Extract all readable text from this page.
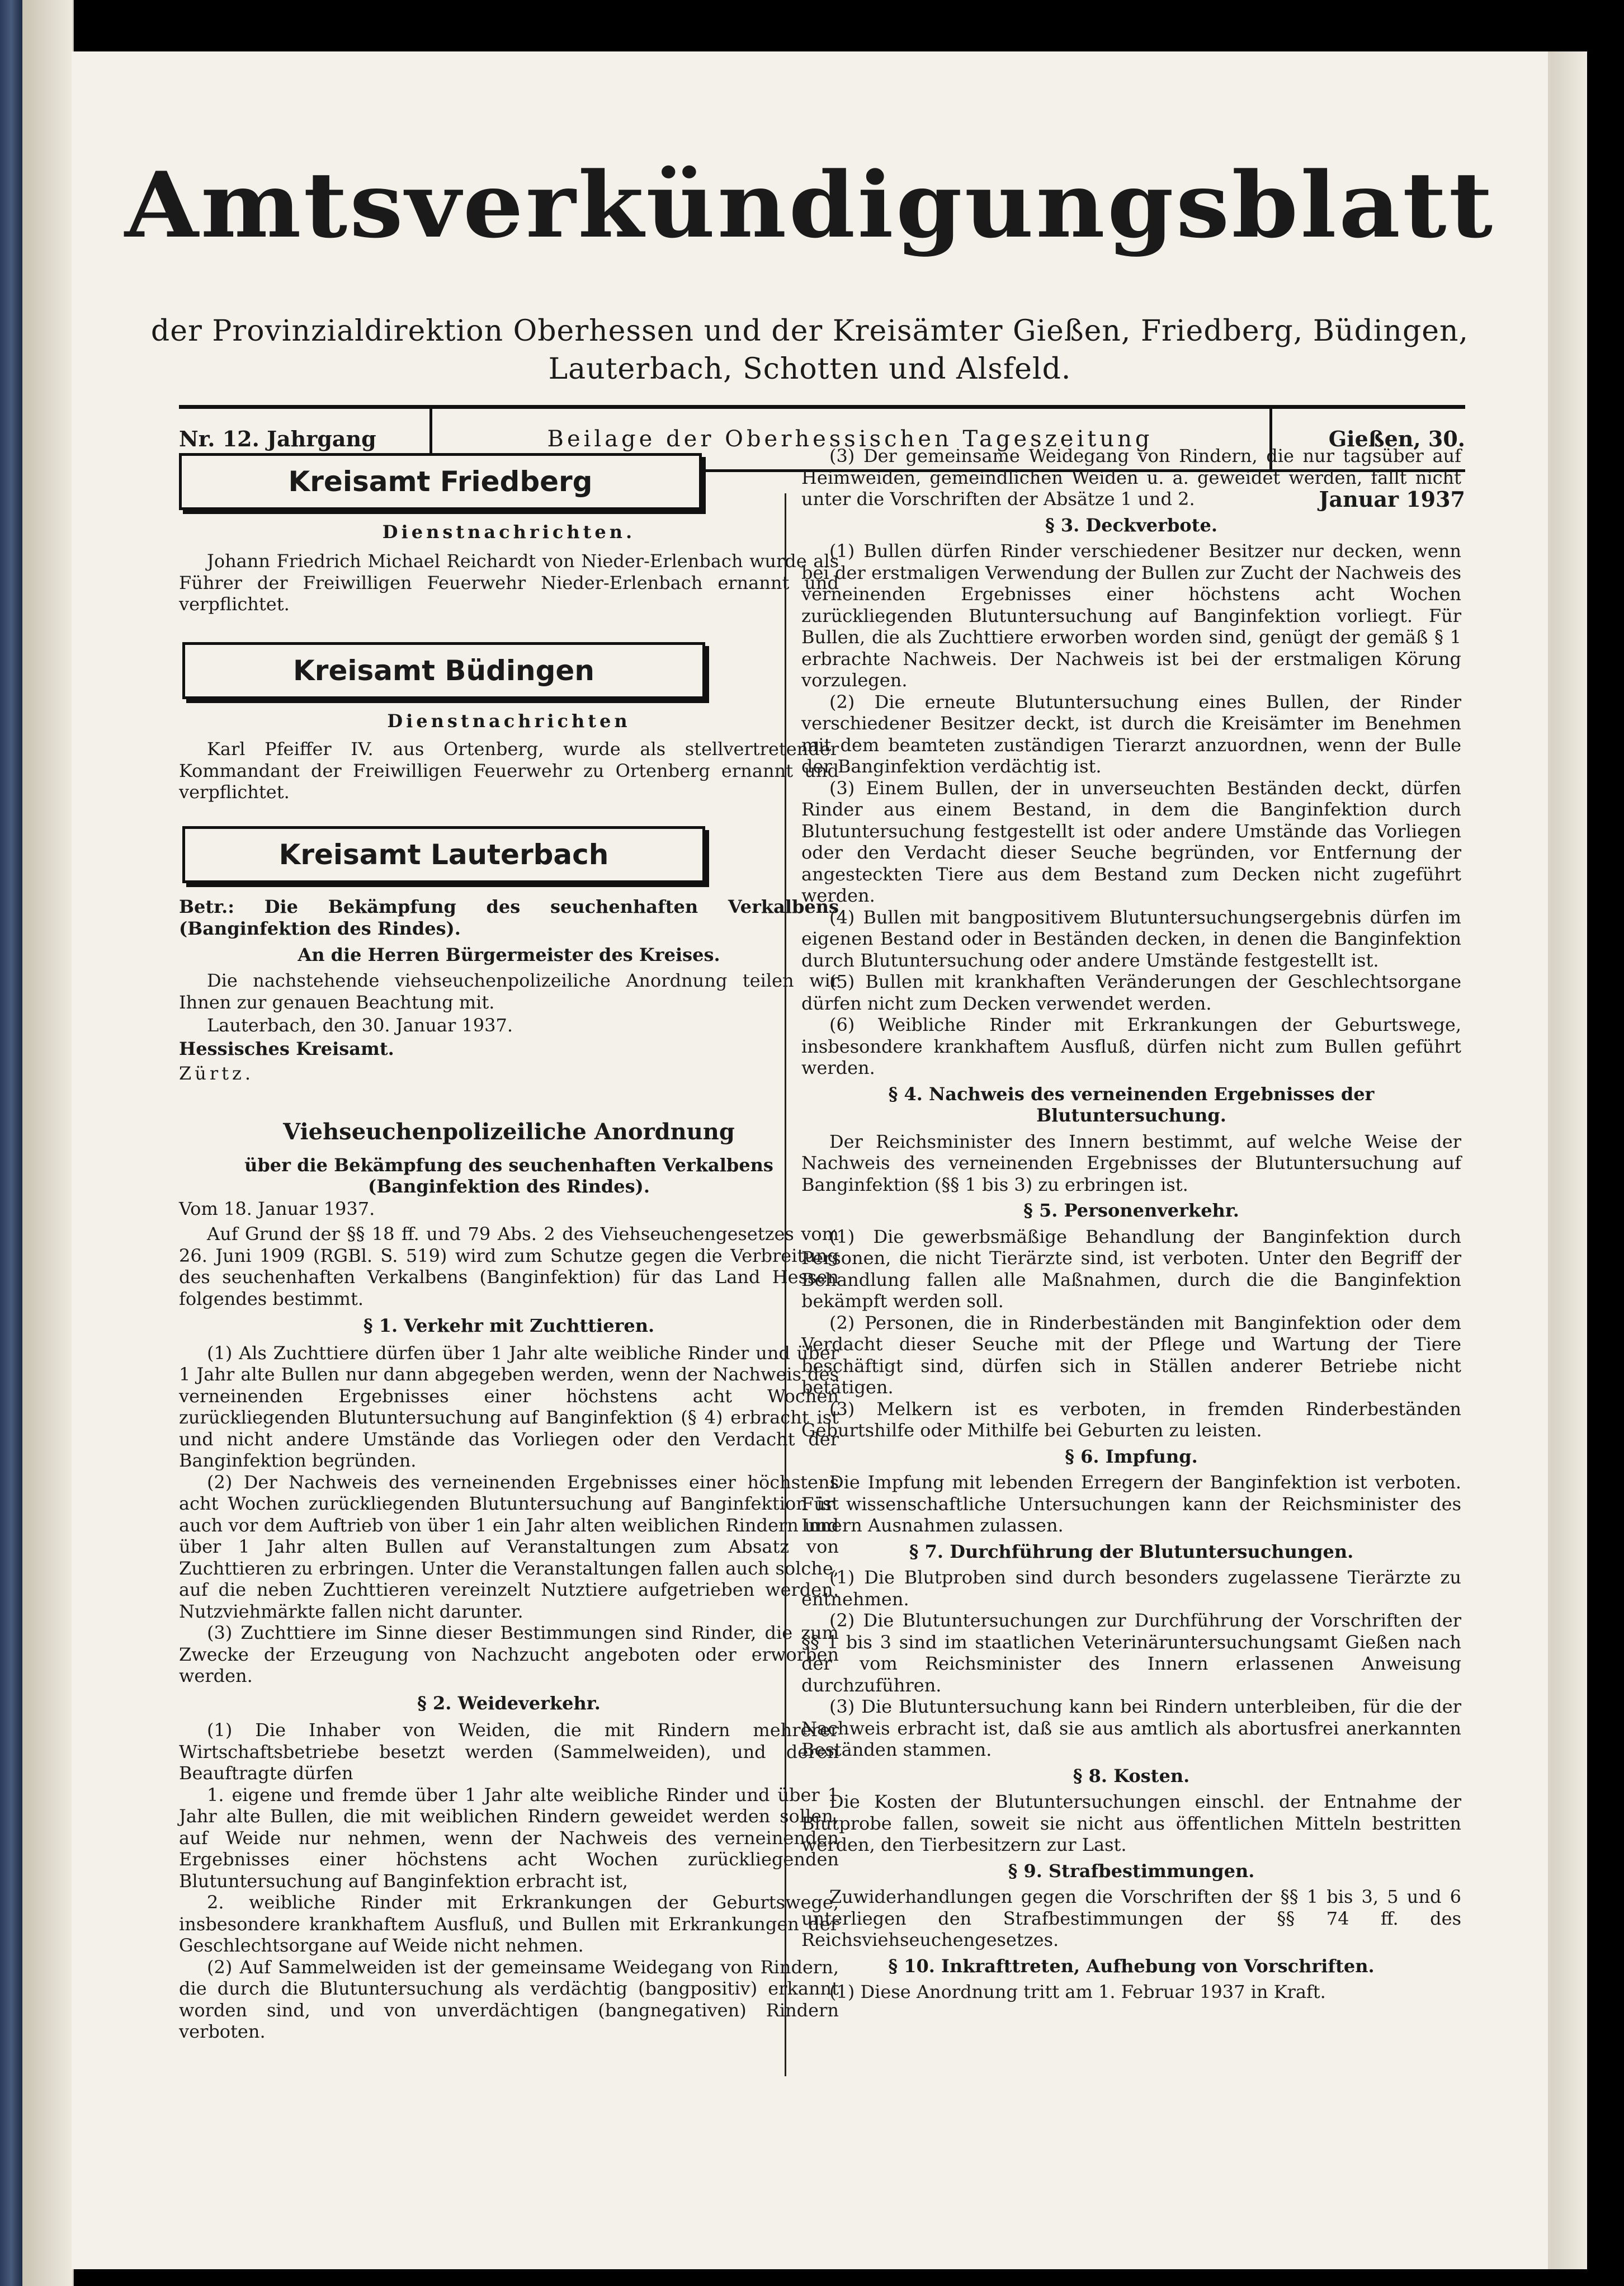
Amtsverkündigungsblatt
der Provinzialdirektion Oberhessen und der Kreisämter Gießen, Friedberg, Büdingen,
Lauterbach, Schotten und Alsfeld.
Nr. 12. Jahrgang	Beilage der Oberhessischen Tageszeitung	Gießen, 30. Januar 1937
Kreisamt Friedberg
Dienstnachrichten.

Johann Friedrich Michael Reichardt von Nieder-Erlenbach wurde als Führer der Freiwilligen Feuerwehr Nieder-Erlenbach ernannt und verpflichtet.

Kreisamt Büdingen
Dienstnachrichten

Karl Pfeiffer IV. aus Ortenberg, wurde als stellvertretender Kommandant der Freiwilligen Feuerwehr zu Ortenberg ernannt und verpflichtet.

Kreisamt Lauterbach
Betr.: Die Bekämpfung des seuchenhaften Verkalbens (Banginfektion des Rindes).
An die Herren Bürgermeister des Kreises.

Die nachstehende viehseuchenpolizeiliche Anordnung teilen wir Ihnen zur genauen Beachtung mit.

Lauterbach, den 30. Januar 1937.
Hessisches Kreisamt.
Zürtz.
Viehseuchenpolizeiliche Anordnung
über die Bekämpfung des seuchenhaften Verkalbens
(Banginfektion des Rindes).
Vom 18. Januar 1937.

Auf Grund der §§ 18 ff. und 79 Abs. 2 des Viehseuchengesetzes vom 26. Juni 1909 (RGBl. S. 519) wird zum Schutze gegen die Verbreitung des seuchenhaften Verkalbens (Banginfektion) für das Land Hessen folgendes bestimmt.

§ 1. Verkehr mit Zuchttieren.

(1) Als Zuchttiere dürfen über 1 Jahr alte weibliche Rinder und über 1 Jahr alte Bullen nur dann abgegeben werden, wenn der Nachweis des verneinenden Ergebnisses einer höchstens acht Wochen zurückliegenden Blutuntersuchung auf Banginfektion (§ 4) erbracht ist und nicht andere Umstände das Vorliegen oder den Verdacht der Banginfektion begründen.

(2) Der Nachweis des verneinenden Ergebnisses einer höchstens acht Wochen zurückliegenden Blutuntersuchung auf Banginfektion ist auch vor dem Auftrieb von über 1 ein Jahr alten weiblichen Rindern und über 1 Jahr alten Bullen auf Veranstaltungen zum Absatz von Zuchttieren zu erbringen. Unter die Veranstaltungen fallen auch solche, auf die neben Zuchttieren vereinzelt Nutztiere aufgetrieben werden. Nutzviehmärkte fallen nicht darunter.

(3) Zuchttiere im Sinne dieser Bestimmungen sind Rinder, die zum Zwecke der Erzeugung von Nachzucht angeboten oder erworben werden.

§ 2. Weideverkehr.

(1) Die Inhaber von Weiden, die mit Rindern mehrerer Wirtschaftsbetriebe besetzt werden (Sammelweiden), und deren Beauftragte dürfen

1. eigene und fremde über 1 Jahr alte weibliche Rinder und über 1 Jahr alte Bullen, die mit weiblichen Rindern geweidet werden sollen, auf Weide nur nehmen, wenn der Nachweis des verneinenden Ergebnisses einer höchstens acht Wochen zurückliegenden Blutuntersuchung auf Banginfektion erbracht ist,

2. weibliche Rinder mit Erkrankungen der Geburtswege, insbesondere krankhaftem Ausfluß, und Bullen mit Erkrankungen der Geschlechtsorgane auf Weide nicht nehmen.

(2) Auf Sammelweiden ist der gemeinsame Weidegang von Rindern, die durch die Blutuntersuchung als verdächtig (bangpositiv) erkannt worden sind, und von unverdächtigen (bangnegativen) Rindern verboten.

(3) Der gemeinsame Weidegang von Rindern, die nur tagsüber auf Heimweiden, gemeindlichen Weiden u. a. geweidet werden, fällt nicht unter die Vorschriften der Absätze 1 und 2.

§ 3. Deckverbote.

(1) Bullen dürfen Rinder verschiedener Besitzer nur decken, wenn bei der erstmaligen Verwendung der Bullen zur Zucht der Nachweis des verneinenden Ergebnisses einer höchstens acht Wochen zurückliegenden Blutuntersuchung auf Banginfektion vorliegt. Für Bullen, die als Zuchttiere erworben worden sind, genügt der gemäß § 1 erbrachte Nachweis. Der Nachweis ist bei der erstmaligen Körung vorzulegen.

(2) Die erneute Blutuntersuchung eines Bullen, der Rinder verschiedener Besitzer deckt, ist durch die Kreisämter im Benehmen mit dem beamteten zuständigen Tierarzt anzuordnen, wenn der Bulle der Banginfektion verdächtig ist.

(3) Einem Bullen, der in unverseuchten Beständen deckt, dürfen Rinder aus einem Bestand, in dem die Banginfektion durch Blutuntersuchung festgestellt ist oder andere Umstände das Vorliegen oder den Verdacht dieser Seuche begründen, vor Entfernung der angesteckten Tiere aus dem Bestand zum Decken nicht zugeführt werden.

(4) Bullen mit bangpositivem Blutuntersuchungsergebnis dürfen im eigenen Bestand oder in Beständen decken, in denen die Banginfektion durch Blutuntersuchung oder andere Umstände festgestellt ist.

(5) Bullen mit krankhaften Veränderungen der Geschlechtsorgane dürfen nicht zum Decken verwendet werden.

(6) Weibliche Rinder mit Erkrankungen der Geburtswege, insbesondere krankhaftem Ausfluß, dürfen nicht zum Bullen geführt werden.

§ 4. Nachweis des verneinenden Ergebnisses der Blutuntersuchung.

Der Reichsminister des Innern bestimmt, auf welche Weise der Nachweis des verneinenden Ergebnisses der Blutuntersuchung auf Banginfektion (§§ 1 bis 3) zu erbringen ist.

§ 5. Personenverkehr.

(1) Die gewerbsmäßige Behandlung der Banginfektion durch Personen, die nicht Tierärzte sind, ist verboten. Unter den Begriff der Behandlung fallen alle Maßnahmen, durch die die Banginfektion bekämpft werden soll.

(2) Personen, die in Rinderbeständen mit Banginfektion oder dem Verdacht dieser Seuche mit der Pflege und Wartung der Tiere beschäftigt sind, dürfen sich in Ställen anderer Betriebe nicht betätigen.

(3) Melkern ist es verboten, in fremden Rinderbeständen Geburtshilfe oder Mithilfe bei Geburten zu leisten.

§ 6. Impfung.

Die Impfung mit lebenden Erregern der Banginfektion ist verboten. Für wissenschaftliche Untersuchungen kann der Reichsminister des Innern Ausnahmen zulassen.

§ 7. Durchführung der Blutuntersuchungen.

(1) Die Blutproben sind durch besonders zugelassene Tierärzte zu entnehmen.

(2) Die Blutuntersuchungen zur Durchführung der Vorschriften der §§ 1 bis 3 sind im staatlichen Veterinäruntersuchungsamt Gießen nach der vom Reichsminister des Innern erlassenen Anweisung durchzuführen.

(3) Die Blutuntersuchung kann bei Rindern unterbleiben, für die der Nachweis erbracht ist, daß sie aus amtlich als abortusfrei anerkannten Beständen stammen.

§ 8. Kosten.

Die Kosten der Blutuntersuchungen einschl. der Entnahme der Blutprobe fallen, soweit sie nicht aus öffentlichen Mitteln bestritten werden, den Tierbesitzern zur Last.

§ 9. Strafbestimmungen.

Zuwiderhandlungen gegen die Vorschriften der §§ 1 bis 3, 5 und 6 unterliegen den Strafbestimmungen der §§ 74 ff. des Reichsviehseuchengesetzes.

§ 10. Inkrafttreten, Aufhebung von Vorschriften.

(1) Diese Anordnung tritt am 1. Februar 1937 in Kraft.
